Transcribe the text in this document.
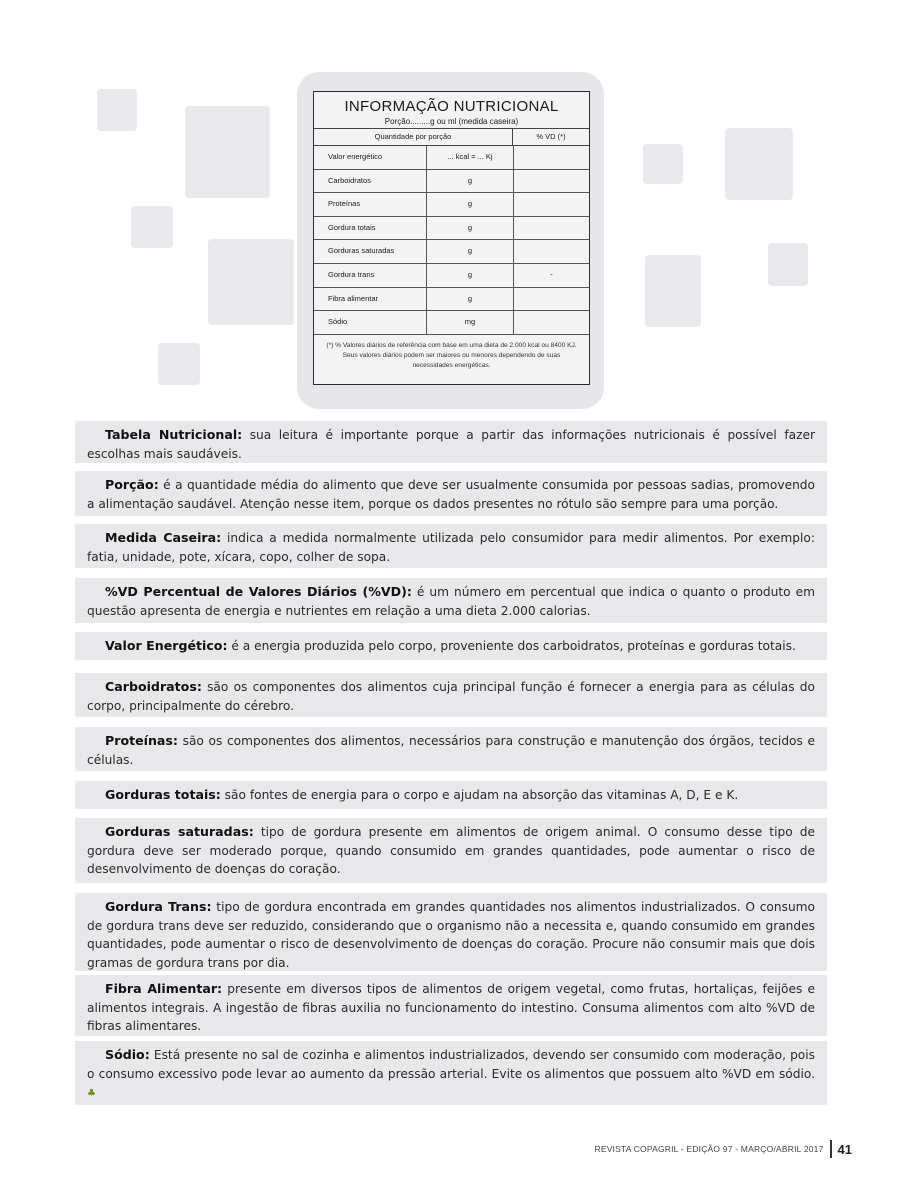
INFORMAÇÃO NUTRICIONAL
Porção.........g ou ml (medida caseira)
Quantidade por porção	% VD (*)
Valor energético	... kcal = ... Kj
Carboidratos	g
Proteínas	g
Gordura totais	g
Gorduras saturadas	g
Gordura trans	g	-
Fibra alimentar	g
Sódio	mg
(*) % Valores diários de referência com base em uma dieta de 2.000 kcal ou 8400 KJ. Seus valores diários podem ser maiores ou menores dependendo de suas necessidades energéticas.
Tabela Nutricional: sua leitura é importante porque a partir das informações nutricionais é possível fazer escolhas mais saudáveis.
Porção: é a quantidade média do alimento que deve ser usualmente consumida por pessoas sadias, promovendo a alimentação saudável. Atenção nesse item, porque os dados presentes no rótulo são sempre para uma porção.
Medida Caseira: indica a medida normalmente utilizada pelo consumidor para medir alimentos. Por exemplo: fatia, unidade, pote, xícara, copo, colher de sopa.
%VD Percentual de Valores Diários (%VD): é um número em percentual que indica o quanto o produto em questão apresenta de energia e nutrientes em relação a uma dieta 2.000 calorias.
Valor Energético: é a energia produzida pelo corpo, proveniente dos carboidratos, proteínas e gorduras totais.
Carboidratos: são os componentes dos alimentos cuja principal função é fornecer a energia para as células do corpo, principalmente do cérebro.
Proteínas: são os componentes dos alimentos, necessários para construção e manutenção dos órgãos, tecidos e células.
Gorduras totais: são fontes de energia para o corpo e ajudam na absorção das vitaminas A, D, E e K.
Gorduras saturadas: tipo de gordura presente em alimentos de origem animal. O consumo desse tipo de gordura deve ser moderado porque, quando consumido em grandes quantidades, pode aumentar o risco de desenvolvimento de doenças do coração.
Gordura Trans: tipo de gordura encontrada em grandes quantidades nos alimentos industrializados. O consumo de gordura trans deve ser reduzido, considerando que o organismo não a necessita e, quando consumido em grandes quantidades, pode aumentar o risco de desenvolvimento de doenças do coração. Procure não consumir mais que dois gramas de gordura trans por dia.
Fibra Alimentar: presente em diversos tipos de alimentos de origem vegetal, como frutas, hortaliças, feijões e alimentos integrais. A ingestão de fibras auxilia no funcionamento do intestino. Consuma alimentos com alto %VD de fibras alimentares.
Sódio: Está presente no sal de cozinha e alimentos industrializados, devendo ser consumido com moderação, pois o consumo excessivo pode levar ao aumento da pressão arterial. Evite os alimentos que possuem alto %VD em sódio. ♣
REVISTA COPAGRIL - EDIÇÃO 97 - MARÇO/ABRIL 2017 41
